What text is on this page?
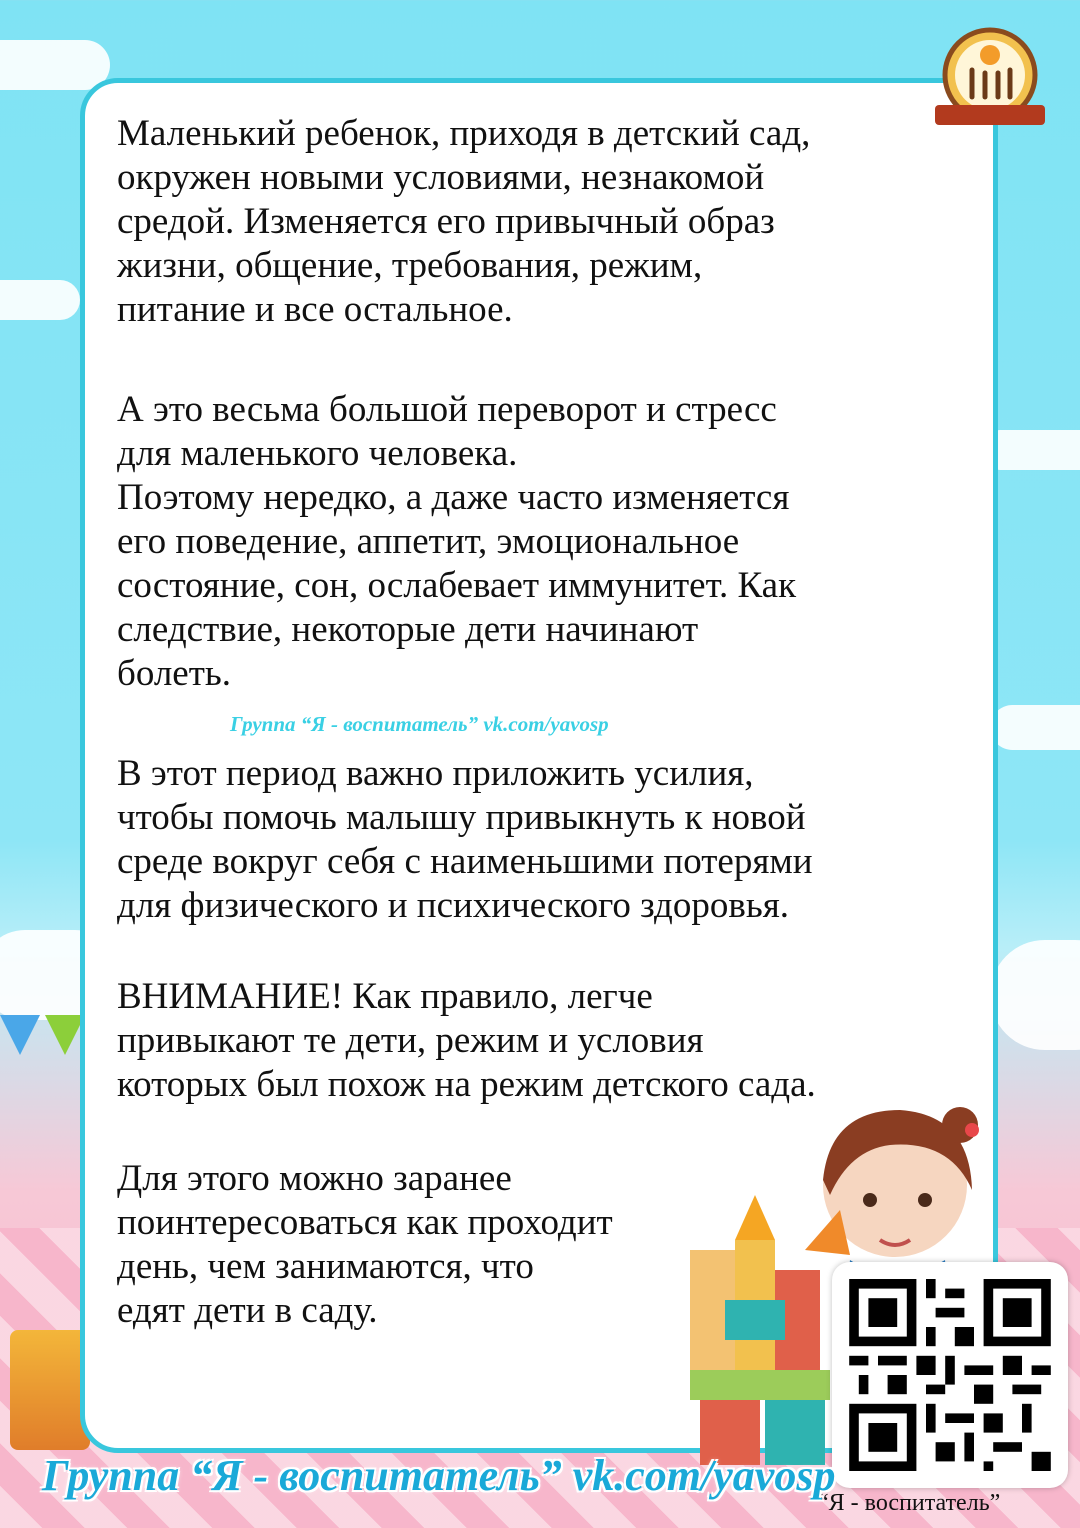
Маленький ребенок, приходя в детский сад,
окружен новыми условиями, незнакомой
средой. Изменяется его привычный образ
жизни, общение, требования, режим,
питание и все остальное.

А это весьма большой переворот и стресс
для маленького человека.
Поэтому нередко, а даже часто изменяется
его поведение, аппетит, эмоциональное
состояние, сон, ослабевает иммунитет. Как
следствие, некоторые дети начинают
болеть.

Группа “Я - воспитатель” vk.com/yavosp

В этот период важно приложить усилия,
чтобы помочь малышу привыкнуть к новой
среде вокруг себя с наименьшими потерями
для физического и психического здоровья.

ВНИМАНИЕ! Как правило, легче
привыкают те дети, режим и условия
которых был похож на режим детского сада.

Для этого можно заранее
поинтересоваться как проходит
день, чем занимаются, что
едят дети в саду.

“Я - воспитатель”

Группа “Я - воспитатель” vk.com/yavosp
